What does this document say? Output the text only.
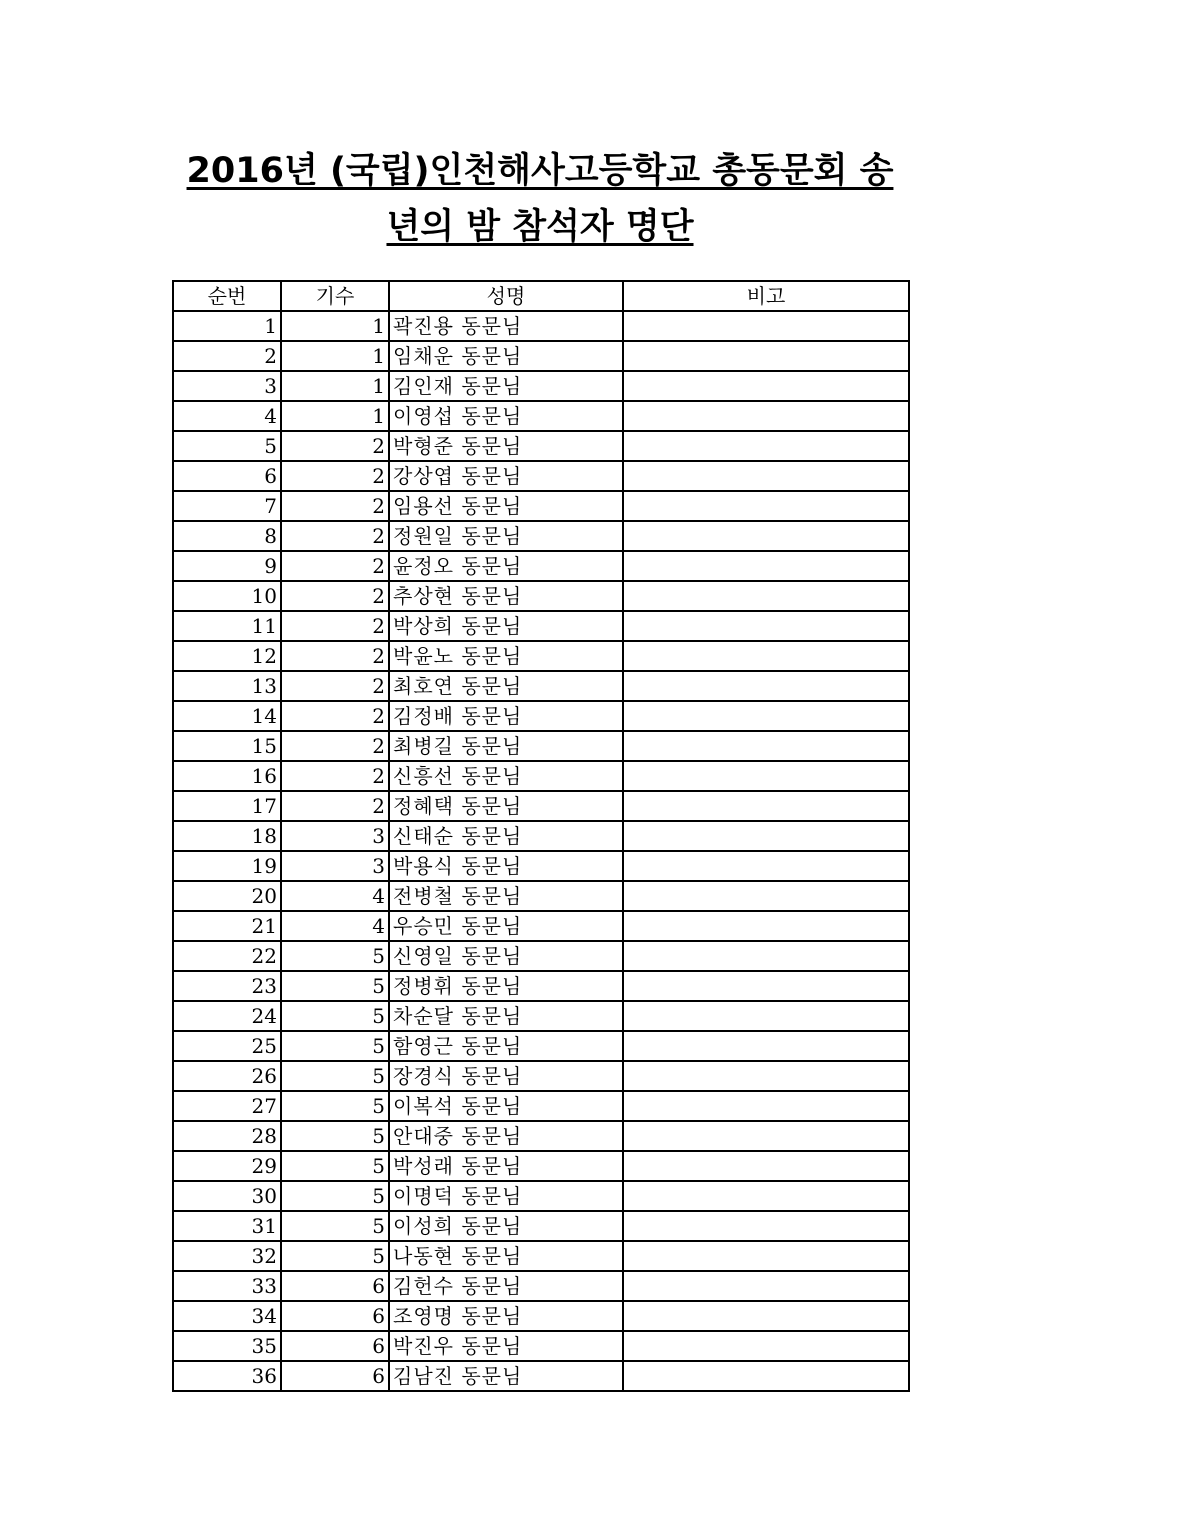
2016년 (국립)인천해사고등학교 총동문회 송
년의 밤 참석자 명단
순번	기수	성명	비고
1	1	곽진용 동문님	
2	1	임채운 동문님	
3	1	김인재 동문님	
4	1	이영섭 동문님	
5	2	박형준 동문님	
6	2	강상엽 동문님	
7	2	임용선 동문님	
8	2	정원일 동문님	
9	2	윤정오 동문님	
10	2	추상현 동문님	
11	2	박상희 동문님	
12	2	박윤노 동문님	
13	2	최호연 동문님	
14	2	김정배 동문님	
15	2	최병길 동문님	
16	2	신흥선 동문님	
17	2	정혜택 동문님	
18	3	신태순 동문님	
19	3	박용식 동문님	
20	4	전병철 동문님	
21	4	우승민 동문님	
22	5	신영일 동문님	
23	5	정병휘 동문님	
24	5	차순달 동문님	
25	5	함영근 동문님	
26	5	장경식 동문님	
27	5	이복석 동문님	
28	5	안대중 동문님	
29	5	박성래 동문님	
30	5	이명덕 동문님	
31	5	이성희 동문님	
32	5	나동현 동문님	
33	6	김헌수 동문님	
34	6	조영명 동문님	
35	6	박진우 동문님	
36	6	김남진 동문님	
